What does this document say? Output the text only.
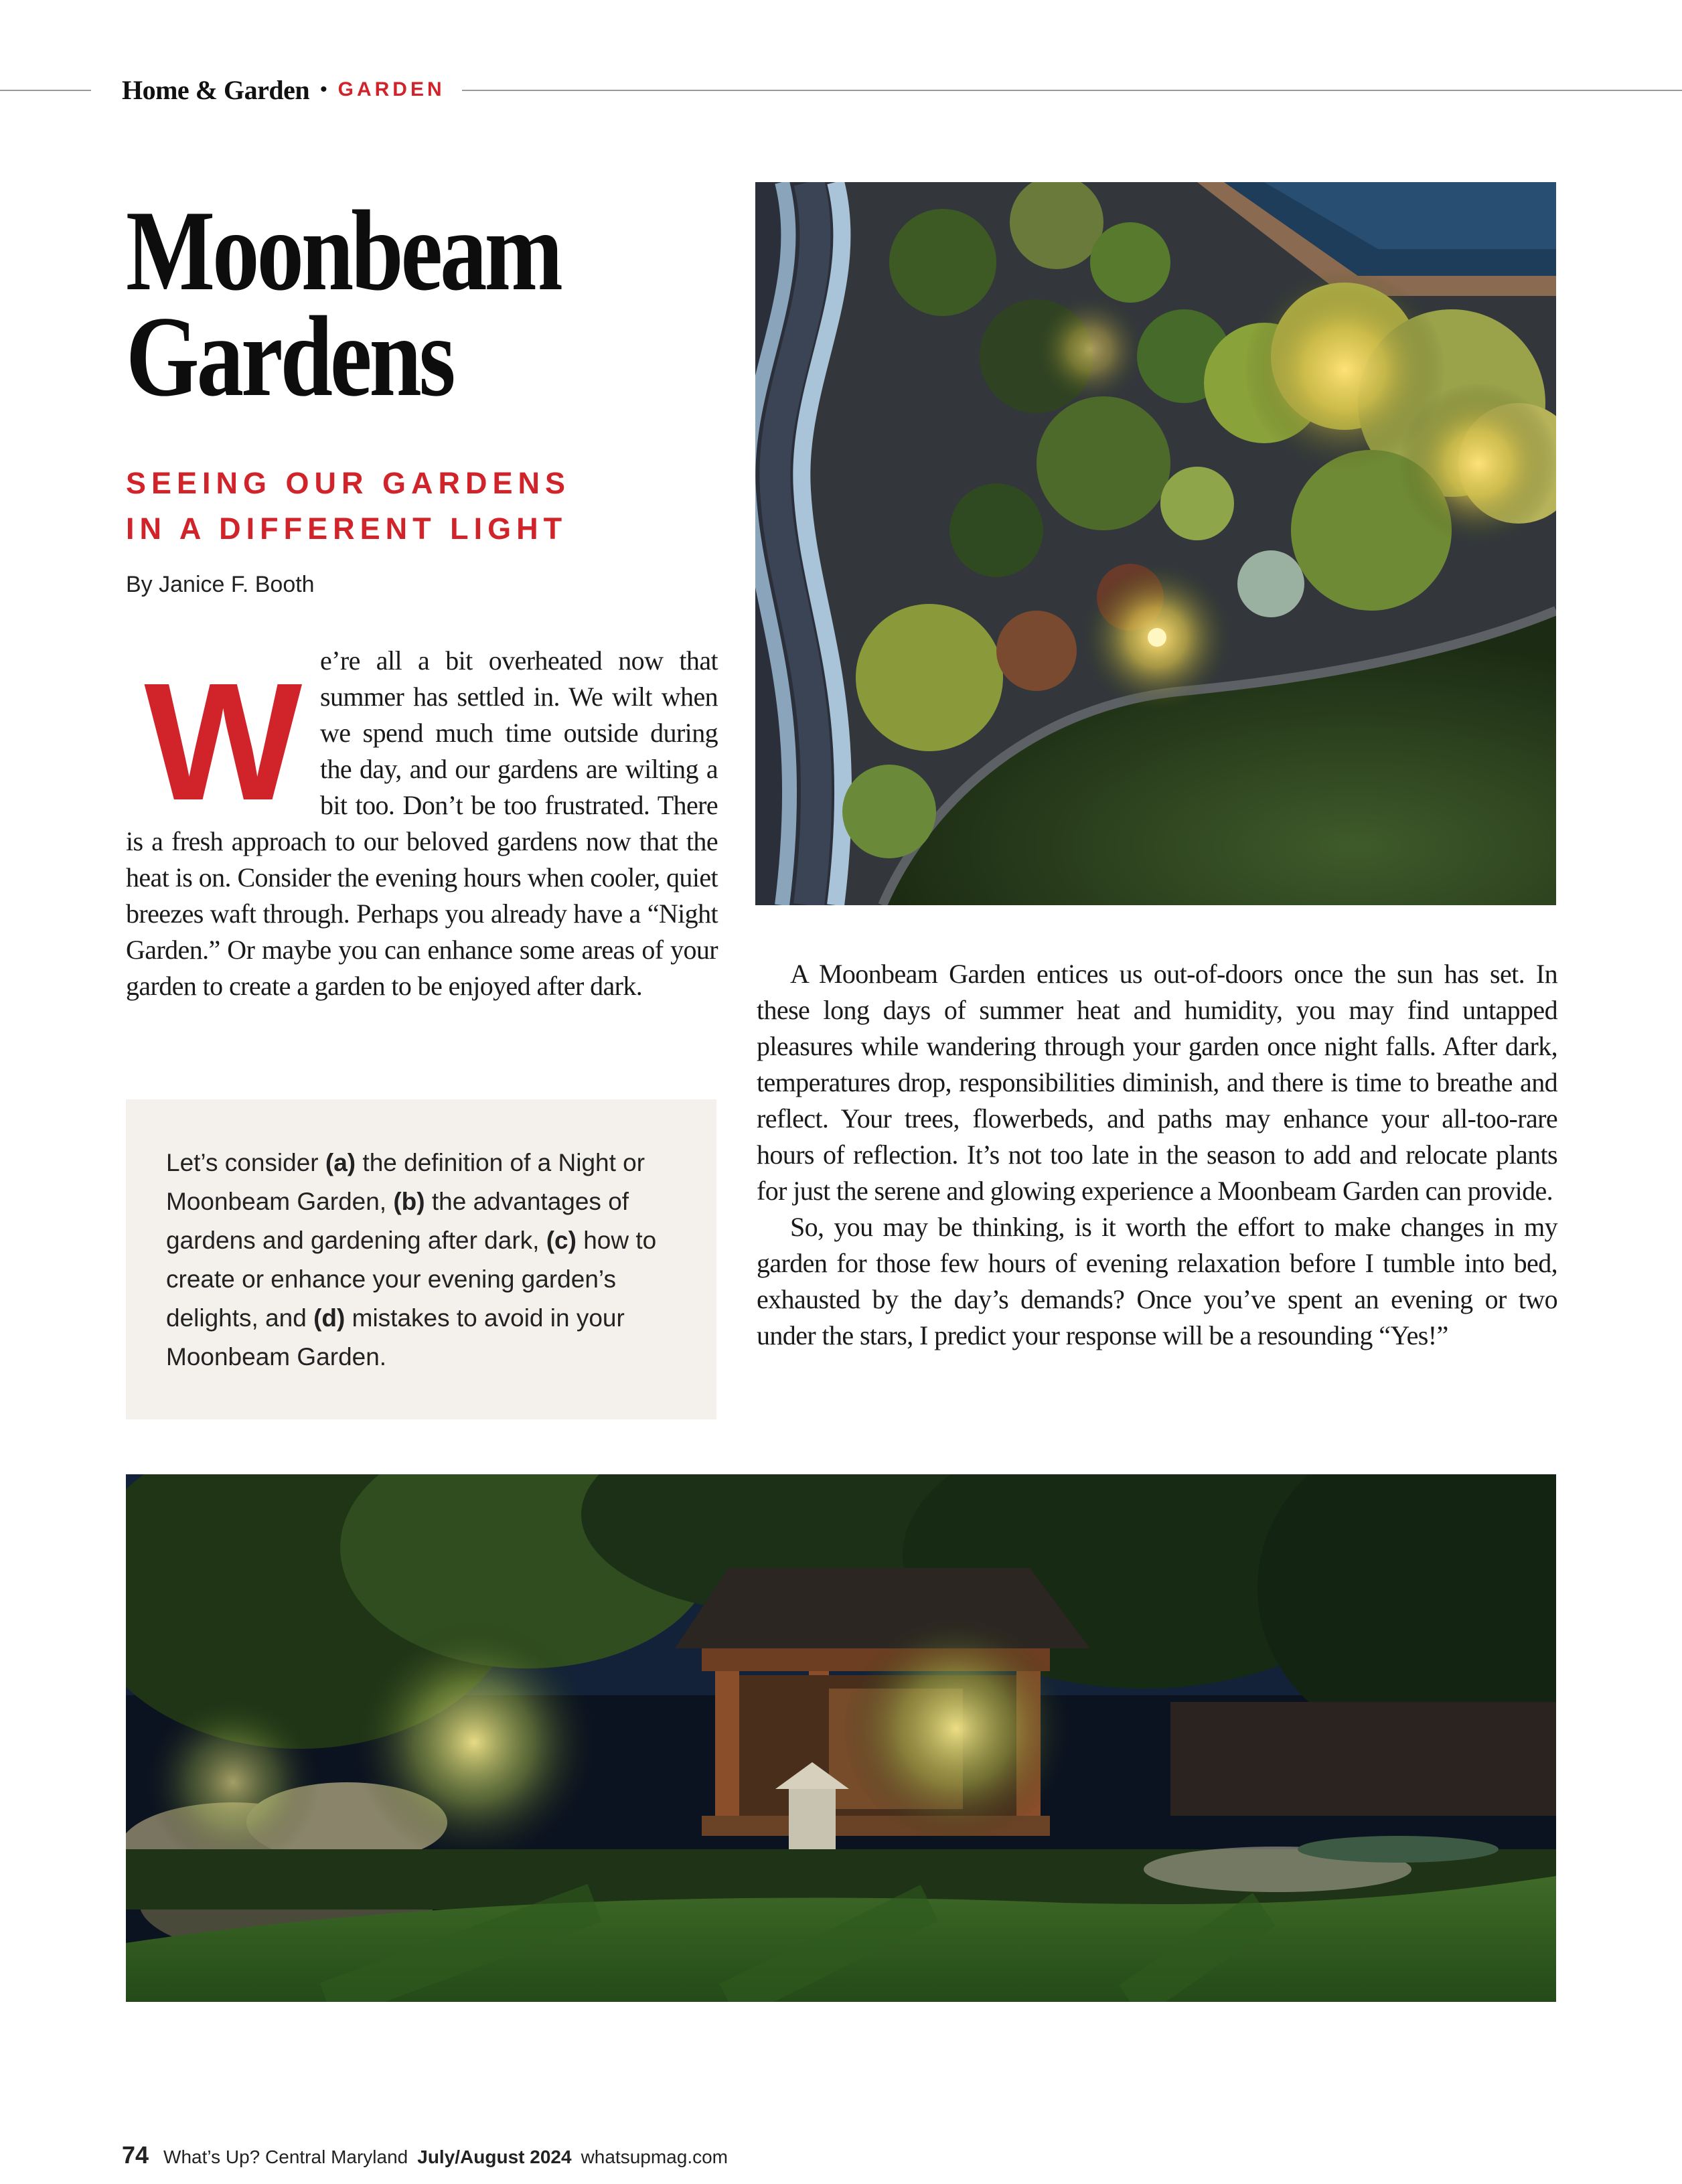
Home & Garden • GARDEN
Moonbeam
Gardens
SEEING OUR GARDENS
IN A DIFFERENT LIGHT
By Janice F. Booth
W e’re all a bit overheated now that summer has settled in. We wilt when we spend much time outside during the day, and our gardens are wilting a bit too. Don’t be too frustrated. There is a fresh approach to our beloved gardens now that the heat is on. Consider the evening hours when cooler, quiet breezes waft through. Perhaps you already have a “Night Garden.” Or maybe you can enhance some areas of your garden to create a garden to be enjoyed after dark.

Let’s consider (a) the definition of a Night or Moonbeam Garden, (b) the advantages of gardens and gardening after dark, (c) how to create or enhance your evening garden’s delights, and (d) mistakes to avoid in your Moonbeam Garden.

A Moonbeam Garden entices us out-of-doors once the sun has set. In these long days of summer heat and humidity, you may find untapped pleasures while wandering through your garden once night falls. After dark, temperatures drop, responsibilities diminish, and there is time to breathe and reflect. Your trees, flowerbeds, and paths may enhance your all-too-rare hours of reflection. It’s not too late in the season to add and relocate plants for just the serene and glowing experience a Moonbeam Garden can provide.

So, you may be thinking, is it worth the effort to make changes in my garden for those few hours of evening relaxation before I tumble into bed, exhausted by the day’s demands? Once you’ve spent an evening or two under the stars, I predict your response will be a resounding “Yes!”

74 What’s Up? Central Maryland July/August 2024 whatsupmag.com
